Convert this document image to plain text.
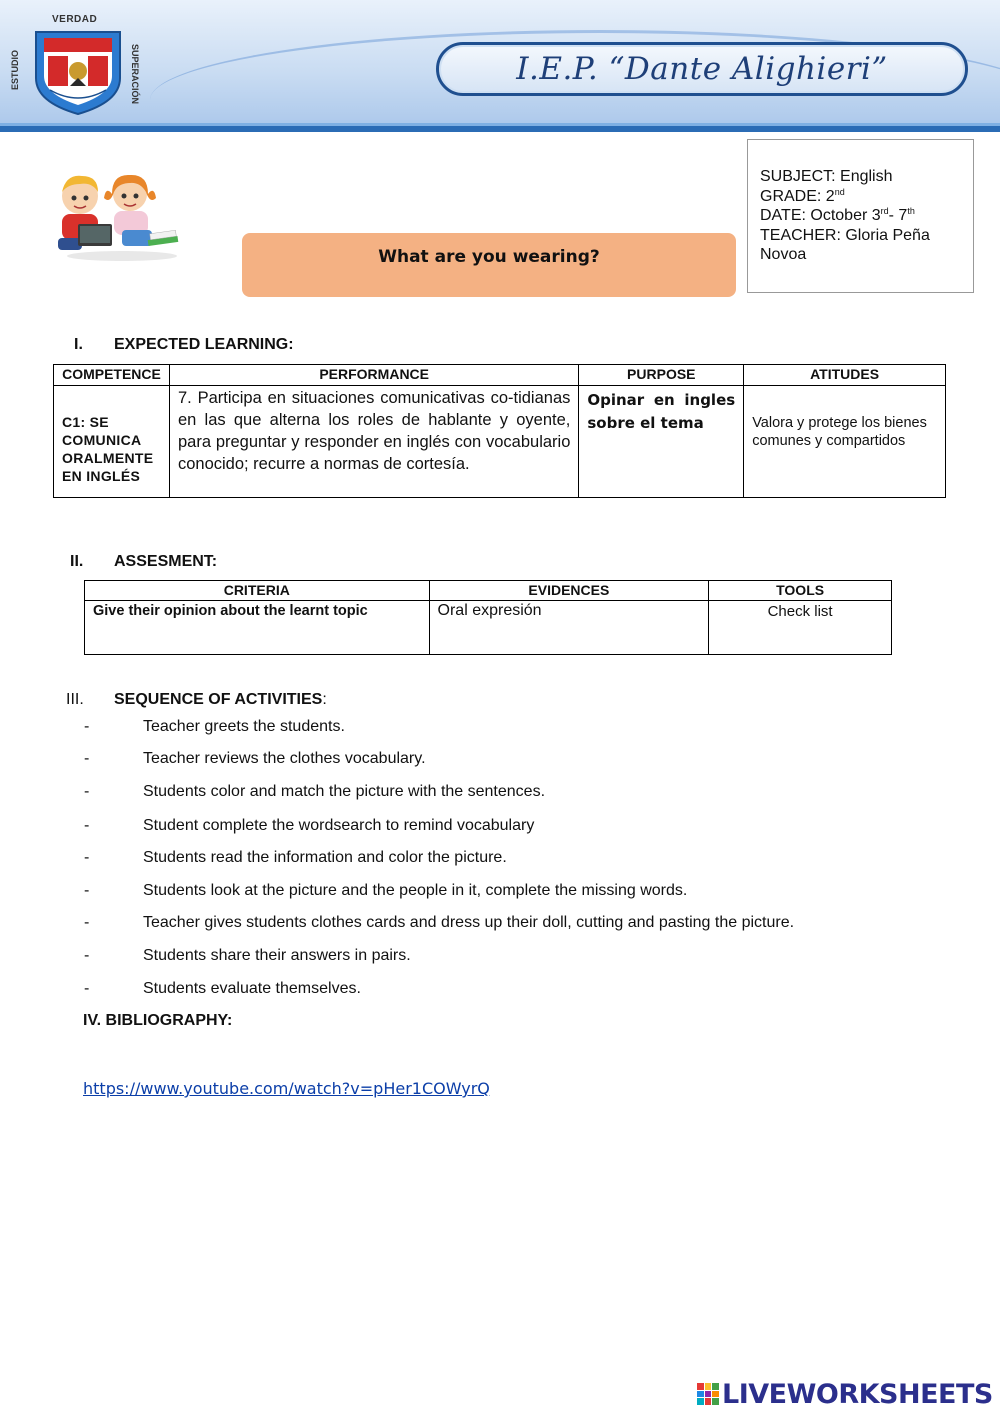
VERDAD
ESTUDIO	SUPERACIÓN	I.E.P. “Dante Alighieri”
What are you wearing?
SUBJECT: English
GRADE: 2nd
DATE: October 3rd- 7th
TEACHER: Gloria Peña
Novoa
I. EXPECTED LEARNING:
COMPETENCE	PERFORMANCE	PURPOSE	ATITUDES
C1: SE COMUNICA ORALMENTE EN INGLÉS	7. Participa en situaciones comunicativas co-tidianas en las que alterna los roles de hablante y oyente, para preguntar y responder en inglés con vocabulario conocido; recurre a normas de cortesía.	Opinar en ingles sobre el tema	Valora y protege los bienes comunes y compartidos
II. ASSESMENT:
CRITERIA	EVIDENCES	TOOLS
Give their opinion about the learnt topic	Oral expresión	Check list
III. SEQUENCE OF ACTIVITIES:
-	Teacher greets the students.
-	Teacher reviews the clothes vocabulary.
-	Students color and match the picture with the sentences.
-	Student complete the wordsearch to remind vocabulary
-	Students read the information and color the picture.
-	Students look at the picture and the people in it, complete the missing words.
-	Teacher gives students clothes cards and dress up their doll, cutting and pasting the picture.
-	Students share their answers in pairs.
-	Students evaluate themselves.
IV. BIBLIOGRAPHY:
https://www.youtube.com/watch?v=pHer1COWyrQ
LIVEWORKSHEETS
